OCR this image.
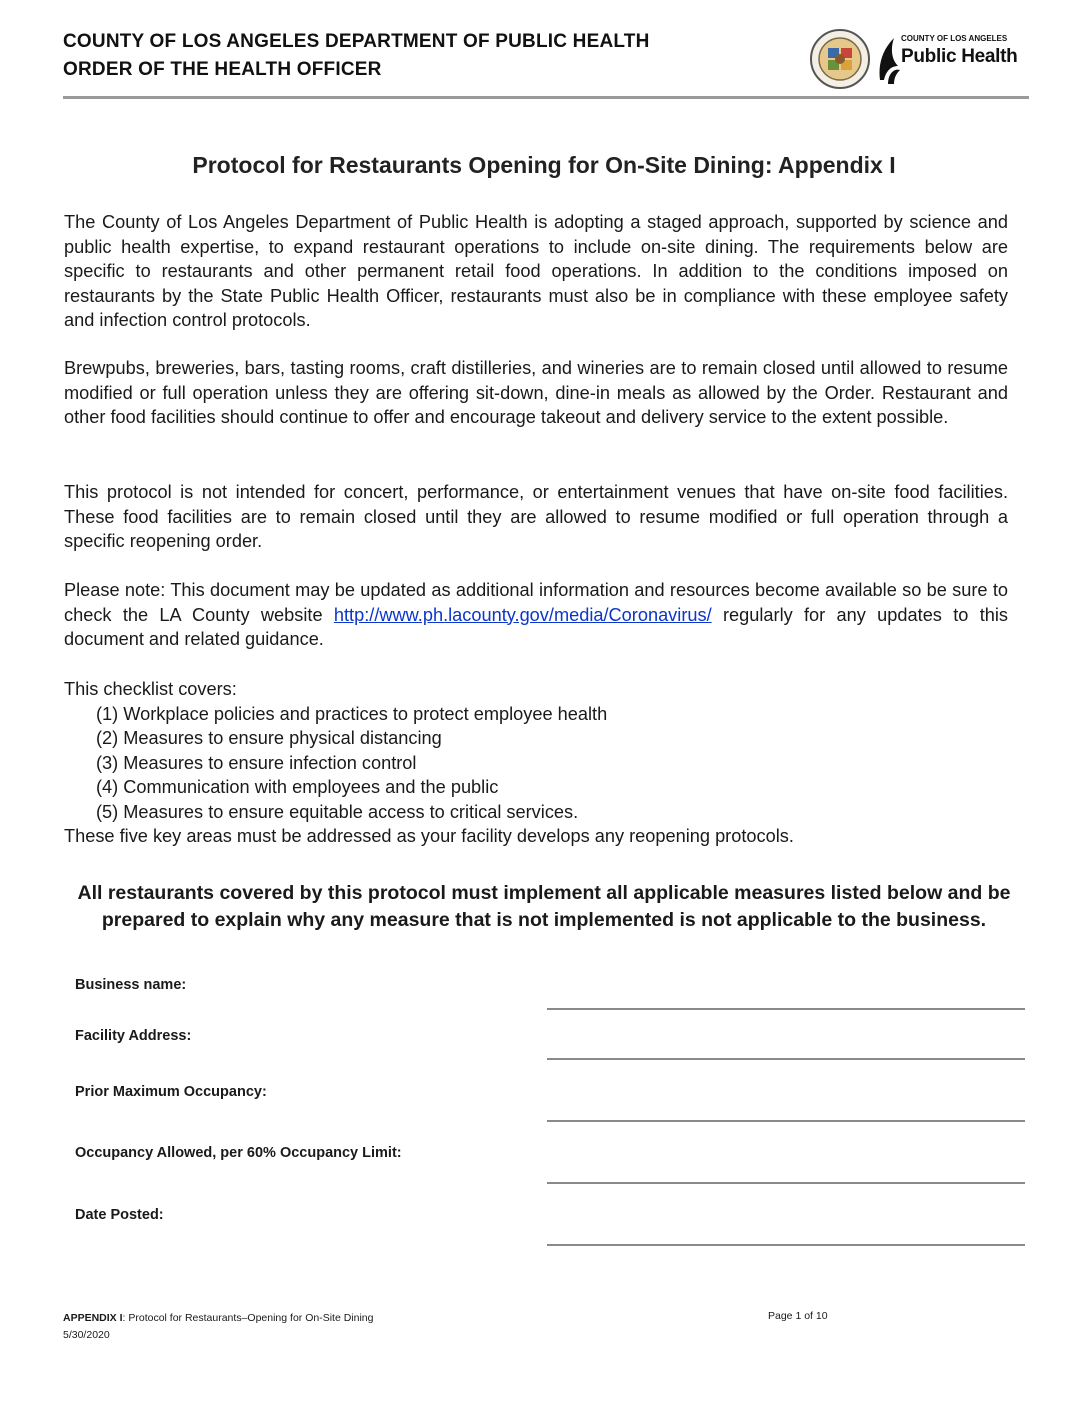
COUNTY OF LOS ANGELES DEPARTMENT OF PUBLIC HEALTH
ORDER OF THE HEALTH OFFICER
COUNTY OF LOS ANGELES
Public Health
Protocol for Restaurants Opening for On-Site Dining: Appendix I
The County of Los Angeles Department of Public Health is adopting a staged approach, supported by science and public health expertise, to expand restaurant operations to include on-site dining. The requirements below are specific to restaurants and other permanent retail food operations. In addition to the conditions imposed on restaurants by the State Public Health Officer, restaurants must also be in compliance with these employee safety and infection control protocols.
Brewpubs, breweries, bars, tasting rooms, craft distilleries, and wineries are to remain closed until allowed to resume modified or full operation unless they are offering sit-down, dine-in meals as allowed by the Order. Restaurant and other food facilities should continue to offer and encourage takeout and delivery service to the extent possible.
This protocol is not intended for concert, performance, or entertainment venues that have on-site food facilities. These food facilities are to remain closed until they are allowed to resume modified or full operation through a specific reopening order.
Please note: This document may be updated as additional information and resources become available so be sure to check the LA County website http://www.ph.lacounty.gov/media/Coronavirus/ regularly for any updates to this document and related guidance.
This checklist covers:
(1) Workplace policies and practices to protect employee health
(2) Measures to ensure physical distancing
(3) Measures to ensure infection control
(4) Communication with employees and the public
(5) Measures to ensure equitable access to critical services.
These five key areas must be addressed as your facility develops any reopening protocols.
All restaurants covered by this protocol must implement all applicable measures listed below and be prepared to explain why any measure that is not implemented is not applicable to the business.
Business name:
Facility Address:
Prior Maximum Occupancy:
Occupancy Allowed, per 60% Occupancy Limit:
Date Posted:
APPENDIX I: Protocol for Restaurants–Opening for On-Site Dining
5/30/2020
Page 1 of 10
